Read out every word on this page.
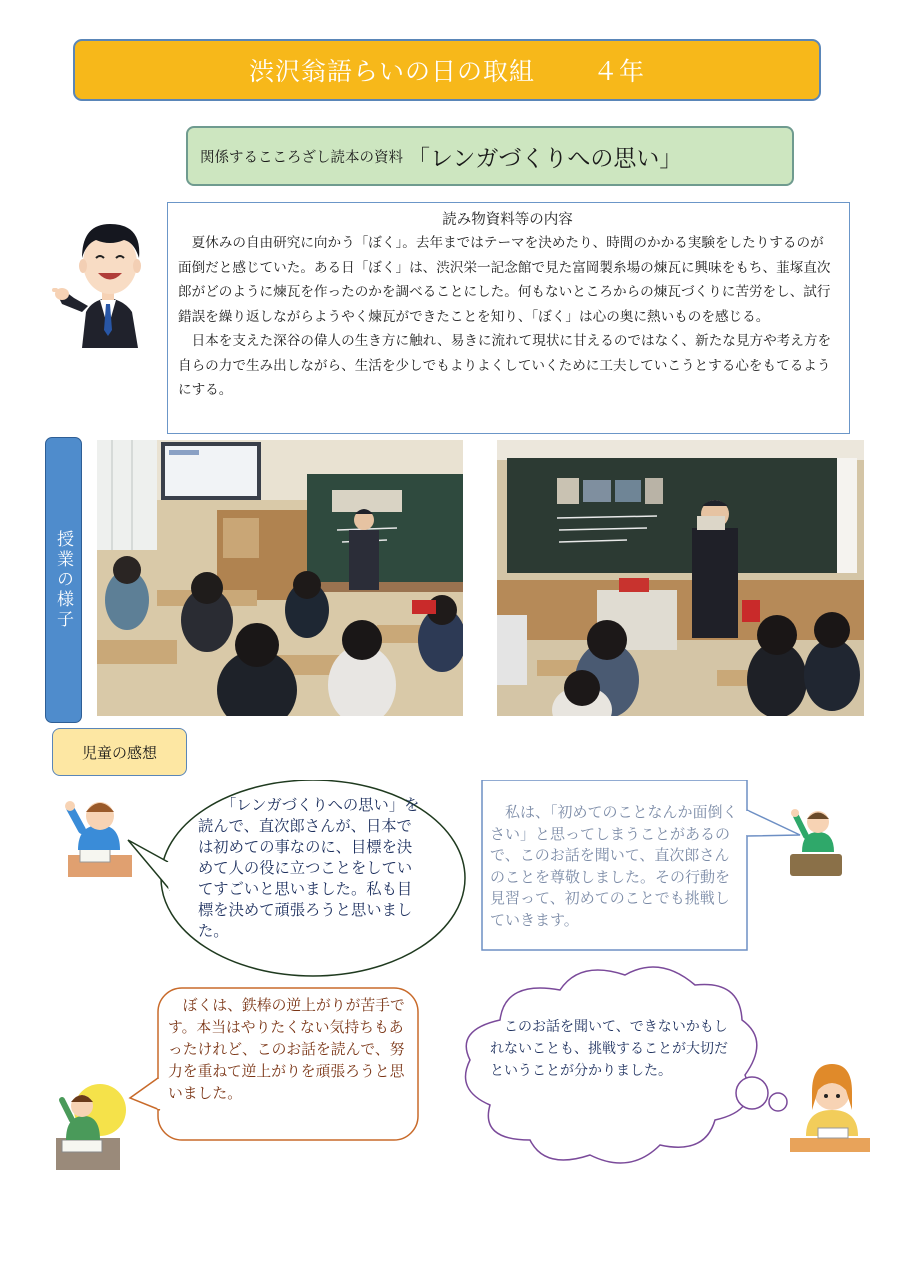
渋沢翁語らいの日の取組 ４年
関係するこころざし読本の資料 「レンガづくりへの思い」
読み物資料等の内容

夏休みの自由研究に向かう「ぼく」。去年まではテーマを決めたり、時間のかかる実験をしたりするのが面倒だと感じていた。ある日「ぼく」は、渋沢栄一記念館で見た富岡製糸場の煉瓦に興味をもち、韮塚直次郎がどのように煉瓦を作ったのかを調べることにした。何もないところからの煉瓦づくりに苦労をし、試行錯誤を繰り返しながらようやく煉瓦ができたことを知り、「ぼく」は心の奥に熱いものを感じる。

日本を支えた深谷の偉人の生き方に触れ、易きに流れて現状に甘えるのではなく、新たな見方や考え方を自らの力で生み出しながら、生活を少しでもよりよくしていくために工夫していこうとする心をもてるようにする。

授業の様子
児童の感想
「レンガづくりへの思い」を読んで、直次郎さんが、日本では初めての事なのに、目標を決めて人の役に立つことをしていてすごいと思いました。私も目標を決めて頑張ろうと思いました。
私は、「初めてのことなんか面倒くさい」と思ってしまうことがあるので、このお話を聞いて、直次郎さんのことを尊敬しました。その行動を見習って、初めてのことでも挑戦していきます。
ぼくは、鉄棒の逆上がりが苦手です。本当はやりたくない気持ちもあったけれど、このお話を読んで、努力を重ねて逆上がりを頑張ろうと思いました。
このお話を聞いて、できないかもしれないことも、挑戦することが大切だということが分かりました。
